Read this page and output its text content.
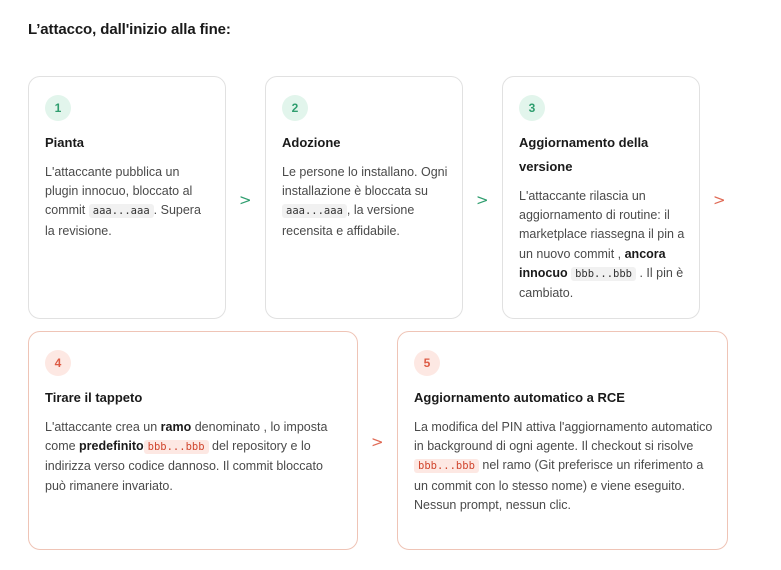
L’attacco, dall'inizio alla fine:
1
Pianta
L'attaccante pubblica un plugin innocuo, bloccato al commit aaa...aaa . Supera la revisione.
>
2
Adozione
Le persone lo installano. Ogni installazione è bloccata su aaa...aaa , la versione recensita e affidabile.
>
3
Aggiornamento della
versione
L'attaccante rilascia un aggiornamento di routine: il marketplace riassegna il pin a un nuovo commit , ancora innocuo bbb...bbb . Il pin è cambiato.
>
4
Tirare il tappeto
L'attaccante crea un ramo denominato , lo imposta come predefinito bbb...bbb del repository e lo indirizza verso codice dannoso. Il commit bloccato può rimanere invariato.
>
5
Aggiornamento automatico a RCE
La modifica del PIN attiva l'aggiornamento automatico in background di ogni agente. Il checkout si risolve bbb...bbb nel ramo (Git preferisce un riferimento a un commit con lo stesso nome) e viene eseguito. Nessun prompt, nessun clic.
